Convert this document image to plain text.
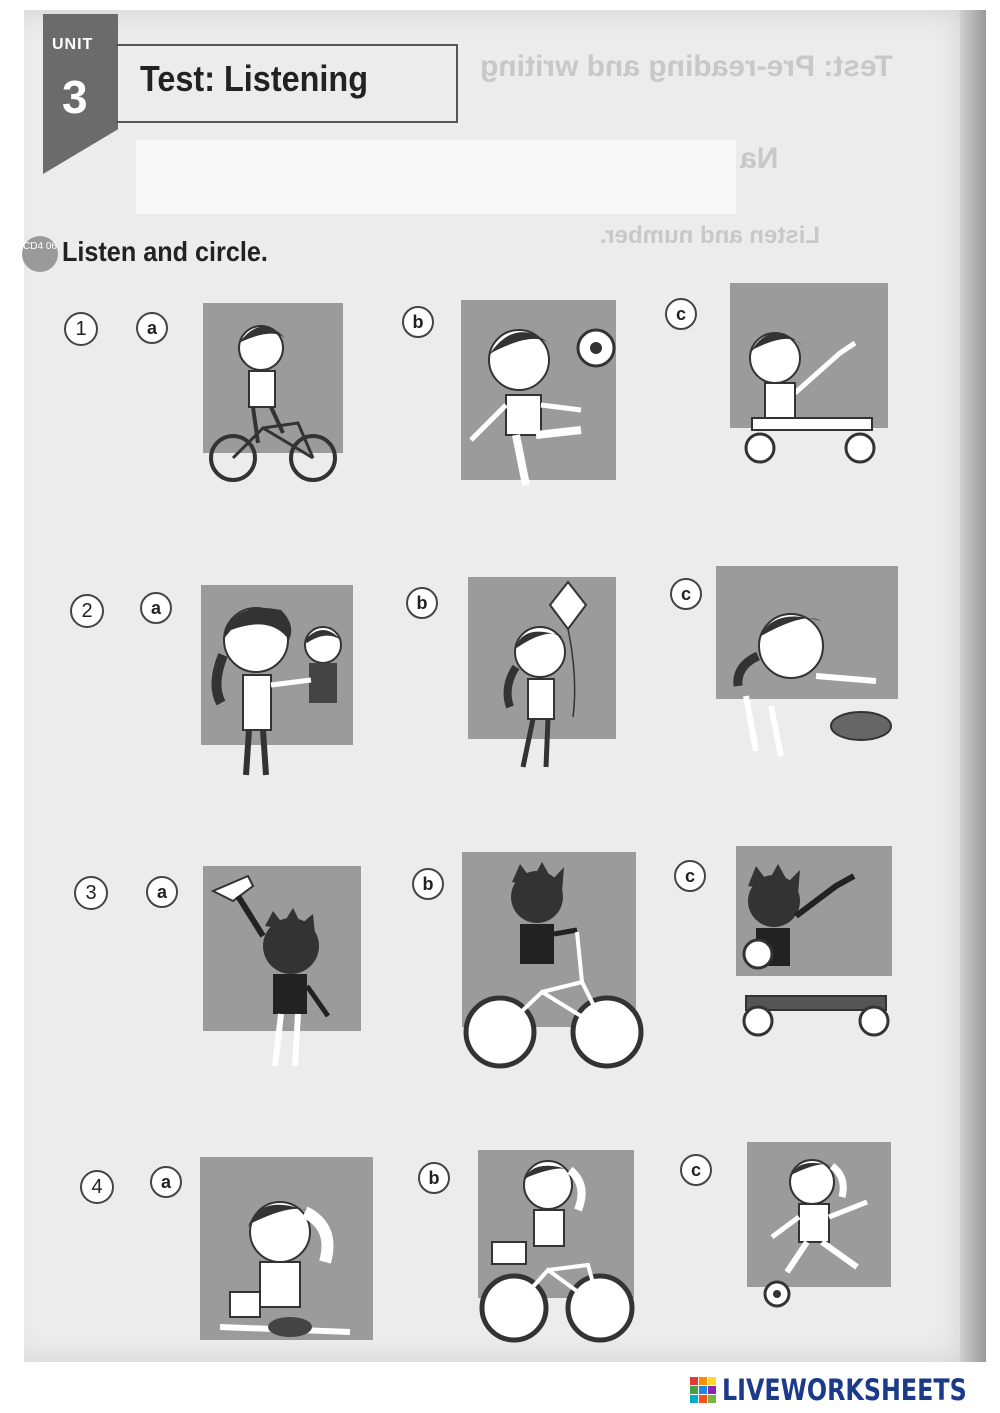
Test: Pre-reading and writing
Na
Listen and number.
UNIT
3 Test: Listening
CD4 06 Listen and circle.
1	a	b	c
2	a	b	c
3	a	b	c
4	a	b	c
LIVEWORKSHEETS
